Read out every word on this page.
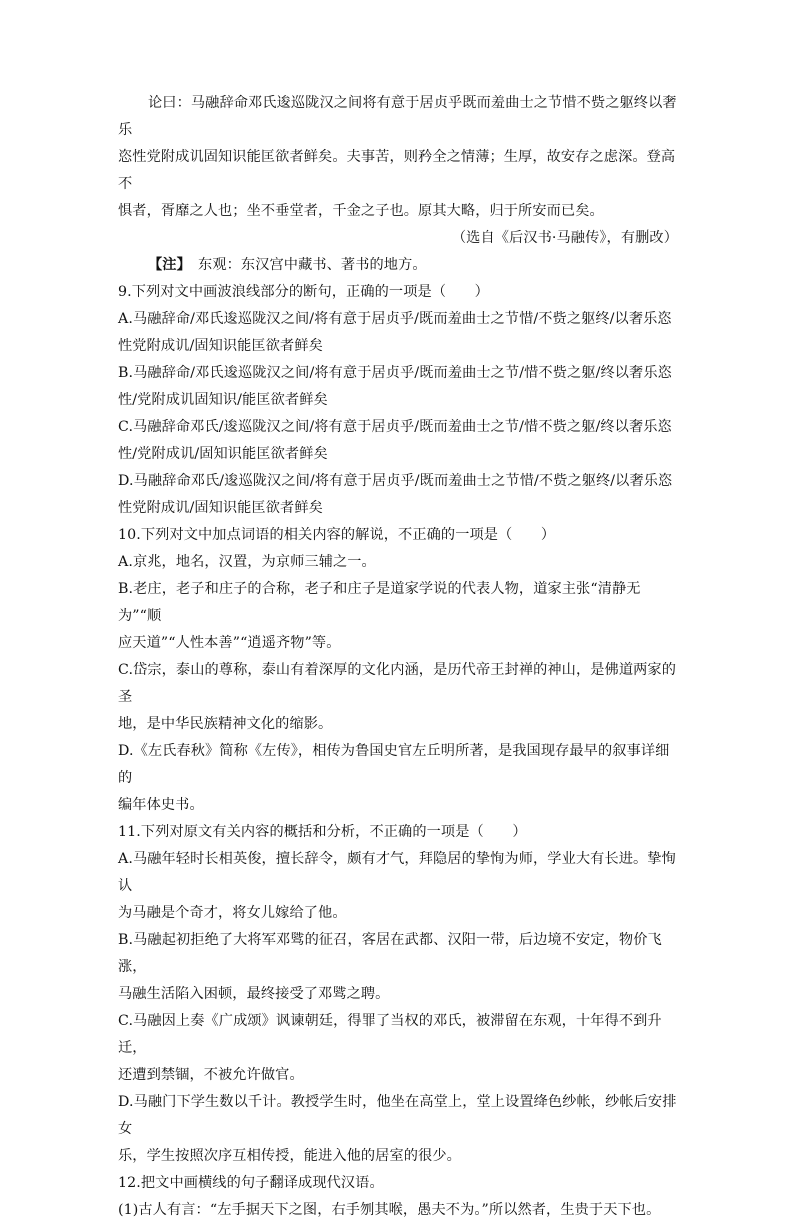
论曰：马融辞命邓氏逡巡陇汉之间将有意于居贞乎既而羞曲士之节惜不赀之躯终以奢乐

恣性党附成讥固知识能匡欲者鲜矣。夫事苦，则矜全之情薄；生厚，故安存之虑深。登高不

惧者，胥靡之人也；坐不垂堂者，千金之子也。原其大略，归于所安而已矣。

（选自《后汉书·马融传》，有删改）

【注】　东观：东汉宫中藏书、著书的地方。

9.下列对文中画波浪线部分的断句，正确的一项是（　　）

A.马融辞命/邓氏逡巡陇汉之间/将有意于居贞乎/既而羞曲士之节惜/不赀之躯终/以奢乐恣

性党附成讥/固知识能匡欲者鲜矣

B.马融辞命/邓氏逡巡陇汉之间/将有意于居贞乎/既而羞曲士之节/惜不赀之躯/终以奢乐恣

性/党附成讥固知识/能匡欲者鲜矣

C.马融辞命邓氏/逡巡陇汉之间/将有意于居贞乎/既而羞曲士之节/惜不赀之躯/终以奢乐恣

性/党附成讥/固知识能匡欲者鲜矣

D.马融辞命邓氏/逡巡陇汉之间/将有意于居贞乎/既而羞曲士之节惜/不赀之躯终/以奢乐恣

性党附成讥/固知识能匡欲者鲜矣

10.下列对文中加点词语的相关内容的解说，不正确的一项是（　　）

A.京兆，地名，汉置，为京师三辅之一。

B.老庄，老子和庄子的合称，老子和庄子是道家学说的代表人物，道家主张“清静无为”“顺

应天道”“人性本善”“逍遥齐物”等。

C.岱宗，泰山的尊称，泰山有着深厚的文化内涵，是历代帝王封禅的神山，是佛道两家的圣

地，是中华民族精神文化的缩影。

D.《左氏春秋》简称《左传》，相传为鲁国史官左丘明所著，是我国现存最早的叙事详细的

编年体史书。

11.下列对原文有关内容的概括和分析，不正确的一项是（　　）

A.马融年轻时长相英俊，擅长辞令，颇有才气，拜隐居的挚恂为师，学业大有长进。挚恂认

为马融是个奇才，将女儿嫁给了他。

B.马融起初拒绝了大将军邓骘的征召，客居在武都、汉阳一带，后边境不安定，物价飞涨，

马融生活陷入困顿，最终接受了邓骘之聘。

C.马融因上奏《广成颂》讽谏朝廷，得罪了当权的邓氏，被滞留在东观，十年得不到升迁，

还遭到禁锢，不被允许做官。

D.马融门下学生数以千计。教授学生时，他坐在高堂上，堂上设置绛色纱帐，纱帐后安排女

乐，学生按照次序互相传授，能进入他的居室的很少。

12.把文中画横线的句子翻译成现代汉语。

(1)古人有言：“左手据天下之图，右手刎其喉，愚夫不为。”所以然者，生贵于天下也。
